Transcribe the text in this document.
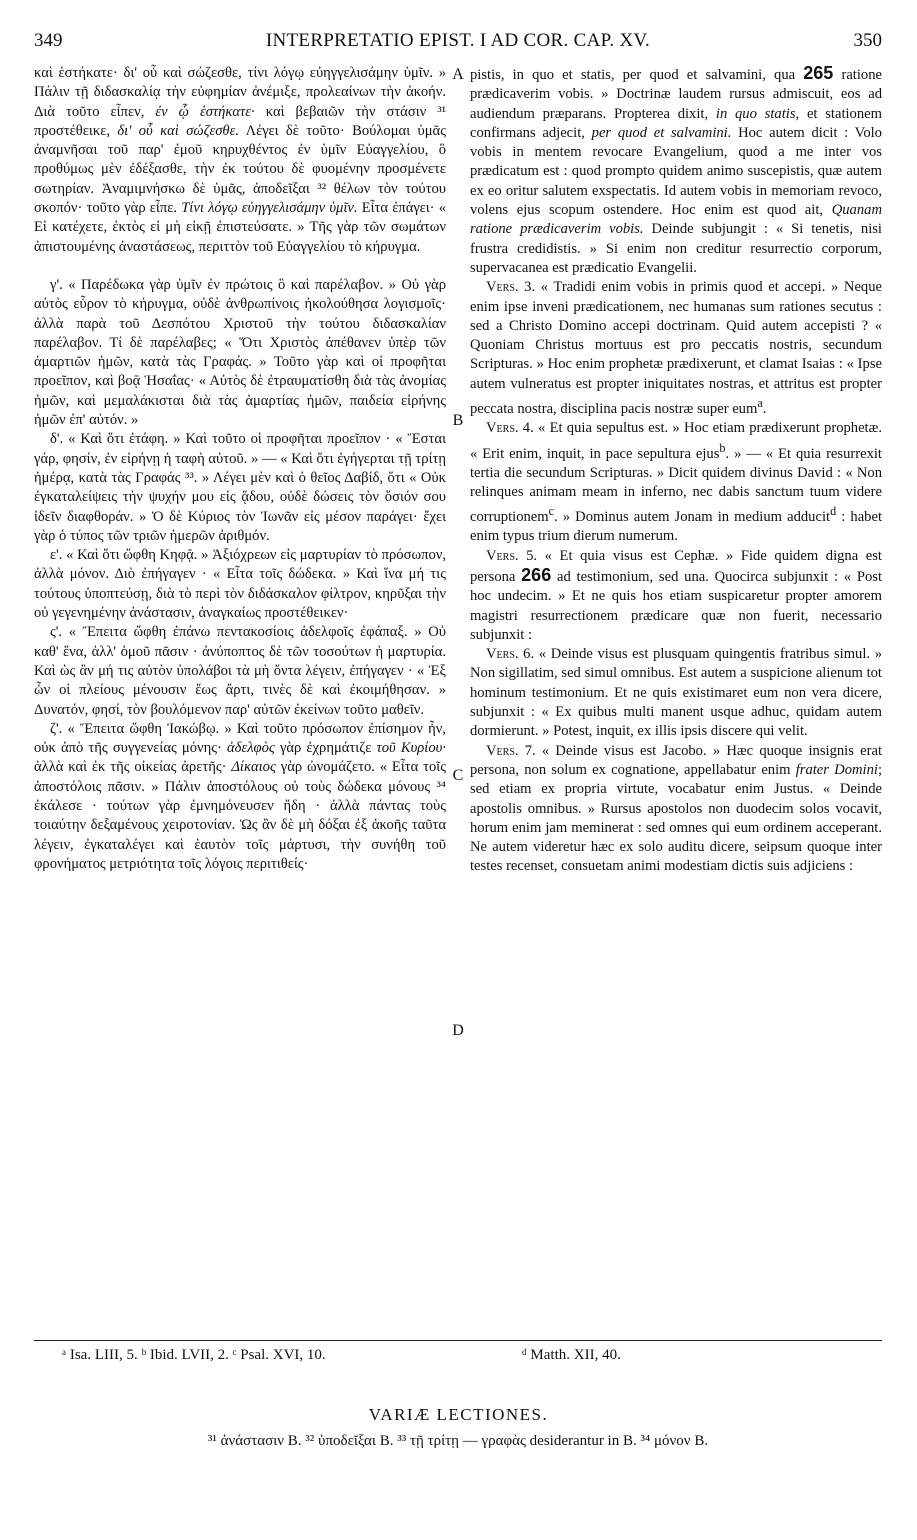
349	INTERPRETATIO EPIST. I AD COR. CAP. XV.	350

καὶ ἑστήκατε· δι' οὗ καὶ σώζεσθε, τίνι λόγῳ εὐηγγελισάμην ὑμῖν. » Πάλιν τῇ διδασκαλίᾳ τὴν εὐφημίαν ἀνέμιξε, προλεαίνων τὴν ἀκοήν. Διὰ τοῦτο εἶπεν, ἐν ᾧ ἑστήκατε· καὶ βεβαιῶν τὴν στάσιν ³¹ προστέθεικε, δι' οὗ καὶ σώζεσθε. Λέγει δὲ τοῦτο· Βούλομαι ὑμᾶς ἀναμνῆσαι τοῦ παρ' ἐμοῦ κηρυχθέντος ἐν ὑμῖν Εὐαγγελίου, ὃ προθύμως μὲν ἐδέξασθε, τὴν ἐκ τούτου δὲ φυομένην προσμένετε σωτηρίαν. Ἀναμιμνήσκω δὲ ὑμᾶς, ἀποδεῖξαι ³² θέλων τὸν τούτου σκοπόν· τοῦτο γὰρ εἶπε. Τίνι λόγῳ εὐηγγελισάμην ὑμῖν. Εἶτα ἐπάγει· « Εἰ κατέχετε, ἐκτὸς εἰ μὴ εἰκῇ ἐπιστεύσατε. » Τῆς γὰρ τῶν σωμάτων ἀπιστουμένης ἀναστάσεως, περιττὸν τοῦ Εὐαγγελίου τὸ κήρυγμα.

γ'. « Παρέδωκα γὰρ ὑμῖν ἐν πρώτοις ὃ καὶ παρέλαβον. » Οὐ γὰρ αὐτὸς εὗρον τὸ κήρυγμα, οὐδὲ ἀνθρωπίνοις ἠκολούθησα λογισμοῖς· ἀλλὰ παρὰ τοῦ Δεσπότου Χριστοῦ τὴν τούτου διδασκαλίαν παρέλαβον. Τί δὲ παρέλαβες; « Ὅτι Χριστὸς ἀπέθανεν ὑπὲρ τῶν ἁμαρτιῶν ἡμῶν, κατὰ τὰς Γραφάς. » Τοῦτο γὰρ καὶ οἱ προφῆται προεῖπον, καὶ βοᾷ Ἡσαΐας· « Αὐτὸς δὲ ἐτραυματίσθη διὰ τὰς ἀνομίας ἡμῶν, καὶ μεμαλάκισται διὰ τὰς ἁμαρτίας ἡμῶν, παιδεία εἰρήνης ἡμῶν ἐπ' αὐτόν. »

δ'. « Καὶ ὅτι ἐτάφη. » Καὶ τοῦτο οἱ προφῆται προεῖπον · « Ἔσται γάρ, φησίν, ἐν εἰρήνῃ ἡ ταφὴ αὐτοῦ. » — « Καὶ ὅτι ἐγήγερται τῇ τρίτῃ ἡμέρᾳ, κατὰ τὰς Γραφάς ³³. » Λέγει μὲν καὶ ὁ θεῖος Δαβίδ, ὅτι « Οὐκ ἐγκαταλείψεις τὴν ψυχήν μου εἰς ᾅδου, οὐδὲ δώσεις τὸν ὅσιόν σου ἰδεῖν διαφθοράν. » Ὁ δὲ Κύριος τὸν Ἰωνᾶν εἰς μέσον παράγει· ἔχει γὰρ ὁ τύπος τῶν τριῶν ἡμερῶν ἀριθμόν.

ε'. « Καὶ ὅτι ὤφθη Κηφᾷ. » Ἀξιόχρεων εἰς μαρτυρίαν τὸ πρόσωπον, ἀλλὰ μόνον. Διὸ ἐπήγαγεν · « Εἶτα τοῖς δώδεκα. » Καὶ ἵνα μή τις τούτους ὑποπτεύσῃ, διὰ τὸ περὶ τὸν διδάσκαλον φίλτρον, κηρῦξαι τὴν οὐ γεγενημένην ἀνάστασιν, ἀναγκαίως προστέθεικεν·

ς'. « Ἔπειτα ὤφθη ἐπάνω πεντακοσίοις ἀδελφοῖς ἐφάπαξ. » Οὐ καθ' ἕνα, ἀλλ' ὁμοῦ πᾶσιν · ἀνύποπτος δὲ τῶν τοσούτων ἡ μαρτυρία. Καὶ ὡς ἂν μή τις αὐτὸν ὑπολάβοι τὰ μὴ ὄντα λέγειν, ἐπήγαγεν · « Ἐξ ὧν οἱ πλείους μένουσιν ἕως ἄρτι, τινὲς δὲ καὶ ἐκοιμήθησαν. » Δυνατόν, φησί, τὸν βουλόμενον παρ' αὐτῶν ἐκείνων τοῦτο μαθεῖν.

ζ'. « Ἔπειτα ὤφθη Ἰακώβῳ. » Καὶ τοῦτο πρόσωπον ἐπίσημον ἦν, οὐκ ἀπὸ τῆς συγγενείας μόνης· ἀδελφὸς γὰρ ἐχρημάτιζε τοῦ Κυρίου· ἀλλὰ καὶ ἐκ τῆς οἰκείας ἀρετῆς· Δίκαιος γὰρ ὠνομάζετο. « Εἶτα τοῖς ἀποστόλοις πᾶσιν. » Πάλιν ἀποστόλους οὐ τοὺς δώδεκα μόνους ³⁴ ἐκάλεσε · τούτων γὰρ ἐμνημόνευσεν ἤδη · ἀλλὰ πάντας τοὺς τοιαύτην δεξαμένους χειροτονίαν. Ὡς ἂν δὲ μὴ δόξαι ἐξ ἀκοῆς ταῦτα λέγειν, ἐγκαταλέγει καὶ ἑαυτὸν τοῖς μάρτυσι, τὴν συνήθη τοῦ φρονήματος μετριότητα τοῖς λόγοις περιτιθείς·

A
B
C
D

pistis, in quo et statis, per quod et salvamini, qua 265 ratione prædicaverim vobis. » Doctrinæ laudem rursus admiscuit, eos ad audiendum præparans. Propterea dixit, in quo statis, et stationem confirmans adjecit, per quod et salvamini. Hoc autem dicit : Volo vobis in mentem revocare Evangelium, quod a me inter vos prædicatum est : quod prompto quidem animo suscepistis, quæ autem ex eo oritur salutem exspectatis. Id autem vobis in memoriam revoco, volens ejus scopum ostendere. Hoc enim est quod ait, Quanam ratione prædicaverim vobis. Deinde subjungit : « Si tenetis, nisi frustra credidistis. » Si enim non creditur resurrectio corporum, supervacanea est prædicatio Evangelii.

Vers. 3. « Tradidi enim vobis in primis quod et accepi. » Neque enim ipse inveni prædicationem, nec humanas sum rationes secutus : sed a Christo Domino accepi doctrinam. Quid autem accepisti ? « Quoniam Christus mortuus est pro peccatis nostris, secundum Scripturas. » Hoc enim prophetæ prædixerunt, et clamat Isaias : « Ipse autem vulneratus est propter iniquitates nostras, et attritus est propter peccata nostra, disciplina pacis nostræ super eum$^a$.

Vers. 4. « Et quia sepultus est. » Hoc etiam prædixerunt prophetæ. « Erit enim, inquit, in pace sepultura ejus$^b$. » — « Et quia resurrexit tertia die secundum Scripturas. » Dicit quidem divinus David : « Non relinques animam meam in inferno, nec dabis sanctum tuum videre corruptionem$^c$. » Dominus autem Jonam in medium adducit$^d$ : habet enim typus trium dierum numerum.

Vers. 5. « Et quia visus est Cephæ. » Fide quidem digna est persona 266 ad testimonium, sed una. Quocirca subjunxit : « Post hoc undecim. » Et ne quis hos etiam suspicaretur propter amorem magistri resurrectionem prædicare quæ non fuerit, necessario subjunxit :

Vers. 6. « Deinde visus est plusquam quingentis fratribus simul. » Non sigillatim, sed simul omnibus. Est autem a suspicione alienum tot hominum testimonium. Et ne quis existimaret eum non vera dicere, subjunxit : « Ex quibus multi manent usque adhuc, quidam autem dormierunt. » Potest, inquit, ex illis ipsis discere qui velit.

Vers. 7. « Deinde visus est Jacobo. » Hæc quoque insignis erat persona, non solum ex cognatione, appellabatur enim frater Domini; sed etiam ex propria virtute, vocabatur enim Justus. « Deinde apostolis omnibus. » Rursus apostolos non duodecim solos vocavit, horum enim jam meminerat : sed omnes qui eum ordinem acceperant. Ne autem videretur hæc ex solo auditu dicere, seipsum quoque inter testes recenset, consuetam animi modestiam dictis suis adjiciens :

ᵃ Isa. LIII, 5. ᵇ Ibid. LVII, 2. ᶜ Psal. XVI, 10.	ᵈ Matth. XII, 40.
VARIÆ LECTIONES.
³¹ ἀνάστασιν B. ³² ὑποδεῖξαι B. ³³ τῇ τρίτῃ — γραφὰς desiderantur in B. ³⁴ μόνον B.
